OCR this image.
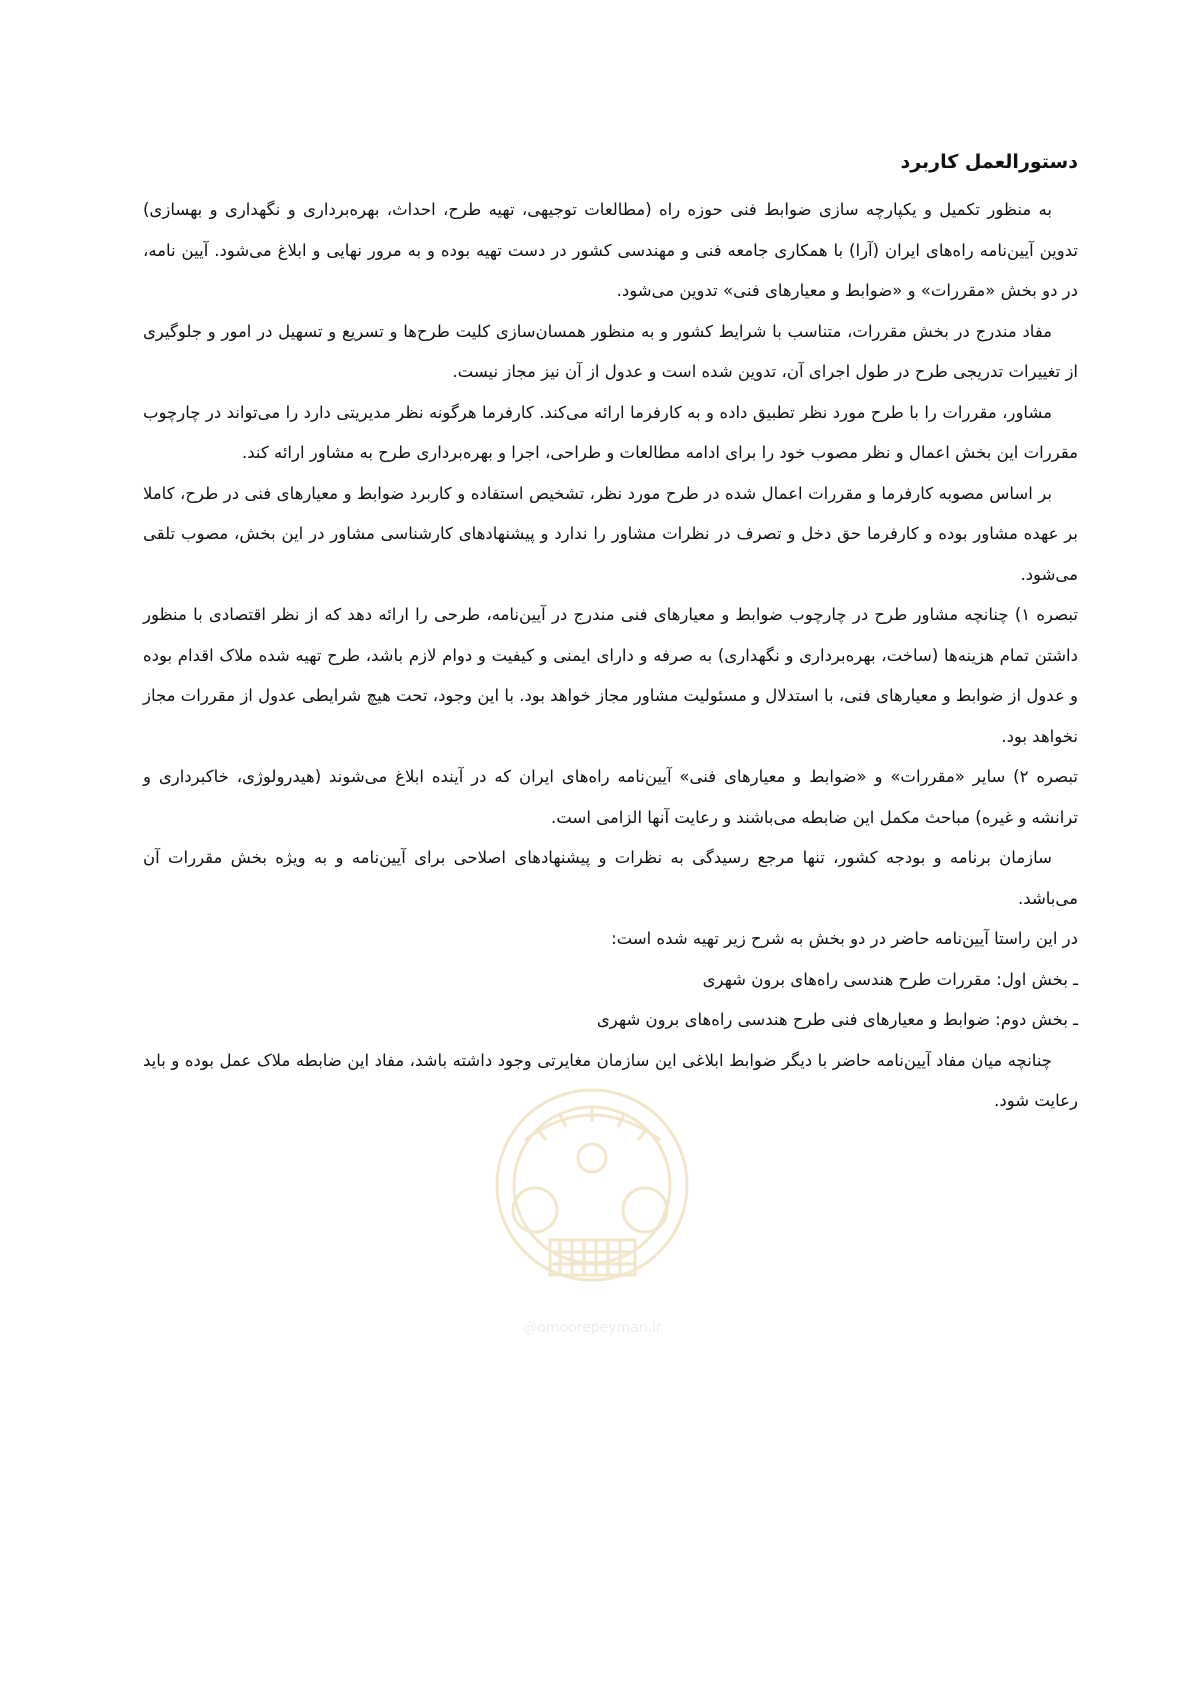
دستورالعمل کاربرد

به منظور تکمیل و یکپارچه سازی ضوابط فنی حوزه راه (مطالعات توجیهی، تهیه طرح، احداث، بهره‌برداری و نگهداری و بهسازی) تدوین آیین‌نامه راه‌های ایران (آرا) با همکاری جامعه فنی و مهندسی کشور در دست تهیه بوده و به مرور نهایی و ابلاغ می‌شود. آیین نامه، در دو بخش «مقررات» و «ضوابط و معیارهای فنی» تدوین می‌شود.

مفاد مندرج در بخش مقررات، متناسب با شرایط کشور و به منظور همسان‌سازی کلیت طرح‌ها و تسریع و تسهیل در امور و جلوگیری از تغییرات تدریجی طرح در طول اجرای آن، تدوین شده است و عدول از آن نیز مجاز نیست.

مشاور، مقررات را با طرح مورد نظر تطبیق داده و به کارفرما ارائه می‌کند. کارفرما هرگونه نظر مدیریتی دارد را می‌تواند در چارچوب مقررات این بخش اعمال و نظر مصوب خود را برای ادامه مطالعات و طراحی، اجرا و بهره‌برداری طرح به مشاور ارائه کند.

بر اساس مصوبه کارفرما و مقررات اعمال شده در طرح مورد نظر، تشخیص استفاده و کاربرد ضوابط و معیارهای فنی در طرح، کاملا بر عهده مشاور بوده و کارفرما حق دخل و تصرف در نظرات مشاور را ندارد و پیشنهادهای کارشناسی مشاور در این بخش، مصوب تلقی می‌شود.

تبصره ۱) چنانچه مشاور طرح در چارچوب ضوابط و معیارهای فنی مندرج در آیین‌نامه، طرحی را ارائه دهد که از نظر اقتصادی با منظور داشتن تمام هزینه‌ها (ساخت، بهره‌برداری و نگهداری) به صرفه و دارای ایمنی و کیفیت و دوام لازم باشد، طرح تهیه شده ملاک اقدام بوده و عدول از ضوابط و معیارهای فنی، با استدلال و مسئولیت مشاور مجاز خواهد بود. با این وجود، تحت هیچ شرایطی عدول از مقررات مجاز نخواهد بود.

تبصره ۲) سایر «مقررات» و «ضوابط و معیارهای فنی» آیین‌نامه راه‌های ایران که در آینده ابلاغ می‌شوند (هیدرولوژی، خاکبرداری و ترانشه و غیره) مباحث مکمل این ضابطه می‌باشند و رعایت آنها الزامی است.

سازمان برنامه و بودجه کشور، تنها مرجع رسیدگی به نظرات و پیشنهادهای اصلاحی برای آیین‌نامه و به ویژه بخش مقررات آن می‌باشد.

در این راستا آیین‌نامه حاضر در دو بخش به شرح زیر تهیه شده است:

ـ بخش اول: مقررات طرح هندسی راه‌های برون شهری

ـ بخش دوم: ضوابط و معیارهای فنی طرح هندسی راه‌های برون شهری

چنانچه میان مفاد آیین‌نامه حاضر با دیگر ضوابط ابلاغی این سازمان مغایرتی وجود داشته باشد، مفاد این ضابطه ملاک عمل بوده و باید رعایت شود.

@omoorepeyman.ir
